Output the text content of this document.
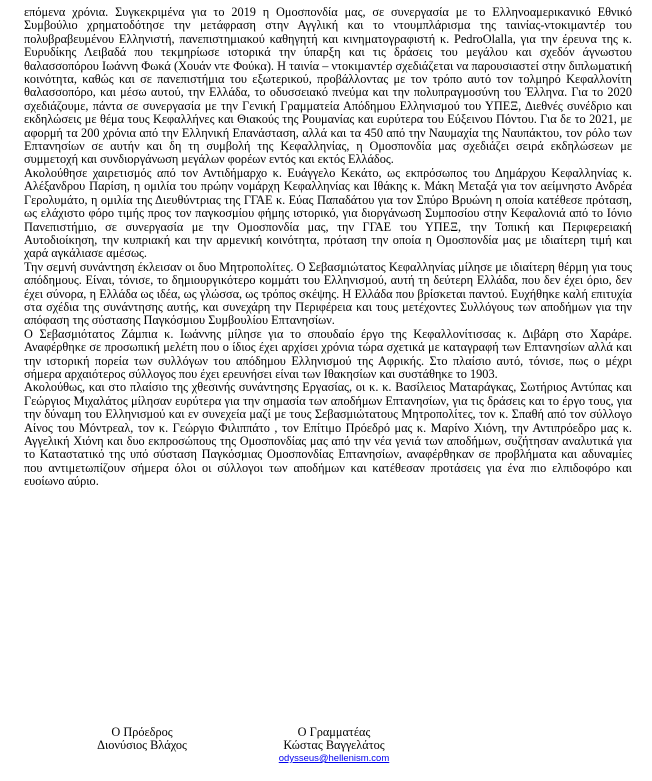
επόμενα χρόνια. Συγκεκριμένα για το 2019 η Ομοσπονδία μας, σε συνεργασία με το Ελληνοαμερικανικό Εθνικό Συμβούλιο χρηματοδότησε την μετάφραση στην Αγγλική και το ντουμπλάρισμα της ταινίας-ντοκιμαντέρ του πολυβραβευμένου Ελληνιστή, πανεπιστημιακού καθηγητή και κινηματογραφιστή κ. PedroOlalla, για την έρευνα της κ. Ευρυδίκης Λειβαδά που τεκμηρίωσε ιστορικά την ύπαρξη και τις δράσεις του μεγάλου και σχεδόν άγνωστου θαλασσοπόρου Ιωάννη Φωκά (Χουάν ντε Φούκα). Η ταινία – ντοκιμαντέρ σχεδιάζεται να παρουσιαστεί στην διπλωματική κοινότητα, καθώς και σε πανεπιστήμια του εξωτερικού, προβάλλοντας με τον τρόπο αυτό τον τολμηρό Κεφαλλονίτη θαλασσοπόρο, και μέσω αυτού, την Ελλάδα, το οδυσσειακό πνεύμα και την πολυπραγμοσύνη του Έλληνα. Για το 2020 σχεδιάζουμε, πάντα σε συνεργασία με την Γενική Γραμματεία Απόδημου Ελληνισμού του ΥΠΕΞ, Διεθνές συνέδριο και εκδηλώσεις με θέμα τους Κεφαλλήνες και Θιακούς της Ρουμανίας και ευρύτερα του Εύξεινου Πόντου. Για δε το 2021, με αφορμή τα 200 χρόνια από την Ελληνική Επανάσταση, αλλά και τα 450 από την Ναυμαχία της Ναυπάκτου, τον ρόλο των Επτανησίων σε αυτήν και δη τη συμβολή της Κεφαλληνίας, η Ομοσπονδία μας σχεδιάζει σειρά εκδηλώσεων με συμμετοχή και συνδιοργάνωση μεγάλων φορέων εντός και εκτός Ελλάδος.

Ακολούθησε χαιρετισμός από τον Αντιδήμαρχο κ. Ευάγγελο Κεκάτο, ως εκπρόσωπος του Δημάρχου Κεφαλληνίας κ. Αλέξανδρου Παρίση, η ομιλία του πρώην νομάρχη Κεφαλληνίας και Ιθάκης κ. Μάκη Μεταξά για τον αείμνηστο Ανδρέα Γερολυμάτο, η ομιλία της Διευθύντριας της ΓΓΑΕ κ. Εύας Παπαδάτου για τον Σπύρο Βρυώνη η οποία κατέθεσε πρόταση, ως ελάχιστο φόρο τιμής προς τον παγκοσμίου φήμης ιστορικό, για διοργάνωση Συμποσίου στην Κεφαλονιά από το Ιόνιο Πανεπιστήμιο, σε συνεργασία με την Ομοσπονδία μας, την ΓΓΑΕ του ΥΠΕΞ, την Τοπική και Περιφερειακή Αυτοδιοίκηση, την κυπριακή και την αρμενική κοινότητα, πρόταση την οποία η Ομοσπονδία μας με ιδιαίτερη τιμή και χαρά αγκάλιασε αμέσως.

Την σεμνή συνάντηση έκλεισαν οι δυο Μητροπολίτες. Ο Σεβασμιώτατος Κεφαλληνίας μίλησε με ιδιαίτερη θέρμη για τους απόδημους. Είναι, τόνισε, το δημιουργικότερο κομμάτι του Ελληνισμού, αυτή τη δεύτερη Ελλάδα, που δεν έχει όριο, δεν έχει σύνορα, η Ελλάδα ως ιδέα, ως γλώσσα, ως τρόπος σκέψης. Η Ελλάδα που βρίσκεται παντού. Ευχήθηκε καλή επιτυχία στα σχέδια της συνάντησης αυτής, και συνεχάρη την Περιφέρεια και τους μετέχοντες Συλλόγους των αποδήμων για την απόφαση της σύστασης Παγκόσμιου Συμβουλίου Επτανησίων.

Ο Σεβασμιότατος Ζάμπια κ. Ιωάννης μίλησε για το σπουδαίο έργο της Κεφαλλονίτισσας κ. Διβάρη στο Χαράρε. Αναφέρθηκε σε προσωπική μελέτη που ο ίδιος έχει αρχίσει χρόνια τώρα σχετικά με καταγραφή των Επτανησίων αλλά και την ιστορική πορεία των συλλόγων του απόδημου Ελληνισμού της Αφρικής. Στο πλαίσιο αυτό, τόνισε, πως ο μέχρι σήμερα αρχαιότερος σύλλογος που έχει ερευνήσει είναι των Ιθακησίων και συστάθηκε το 1903.

Ακολούθως, και στο πλαίσιο της χθεσινής συνάντησης Εργασίας, οι κ. κ. Βασίλειος Ματαράγκας, Σωτήριος Αντύπας και Γεώργιος Μιχαλάτος μίλησαν ευρύτερα για την σημασία των αποδήμων Επτανησίων, για τις δράσεις και το έργο τους, για την δύναμη του Ελληνισμού και εν συνεχεία μαζί με τους Σεβασμιώτατους Μητροπολίτες, τον κ. Σπαθή από τον σύλλογο Αίνος του Μόντρεαλ, τον κ. Γεώργιο Φιλιππάτο , τον Επίτιμο Πρόεδρό μας κ. Μαρίνο Χιόνη, την Αντιπρόεδρο μας κ. Αγγελική Χιόνη και δυο εκπροσώπους της Ομοσπονδίας μας από την νέα γενιά των αποδήμων, συζήτησαν αναλυτικά για το Καταστατικό της υπό σύσταση Παγκόσμιας Ομοσπονδίας Επτανησίων, αναφέρθηκαν σε προβλήματα και αδυναμίες που αντιμετωπίζουν σήμερα όλοι οι σύλλογοι των αποδήμων και κατέθεσαν προτάσεις για ένα πιο ελπιδοφόρο και ευοίωνο αύριο.

Ο Πρόεδρος
Διονύσιος Βλάχος
Ο Γραμματέας
Κώστας Βαγγελάτος
odysseus@hellenism.com
